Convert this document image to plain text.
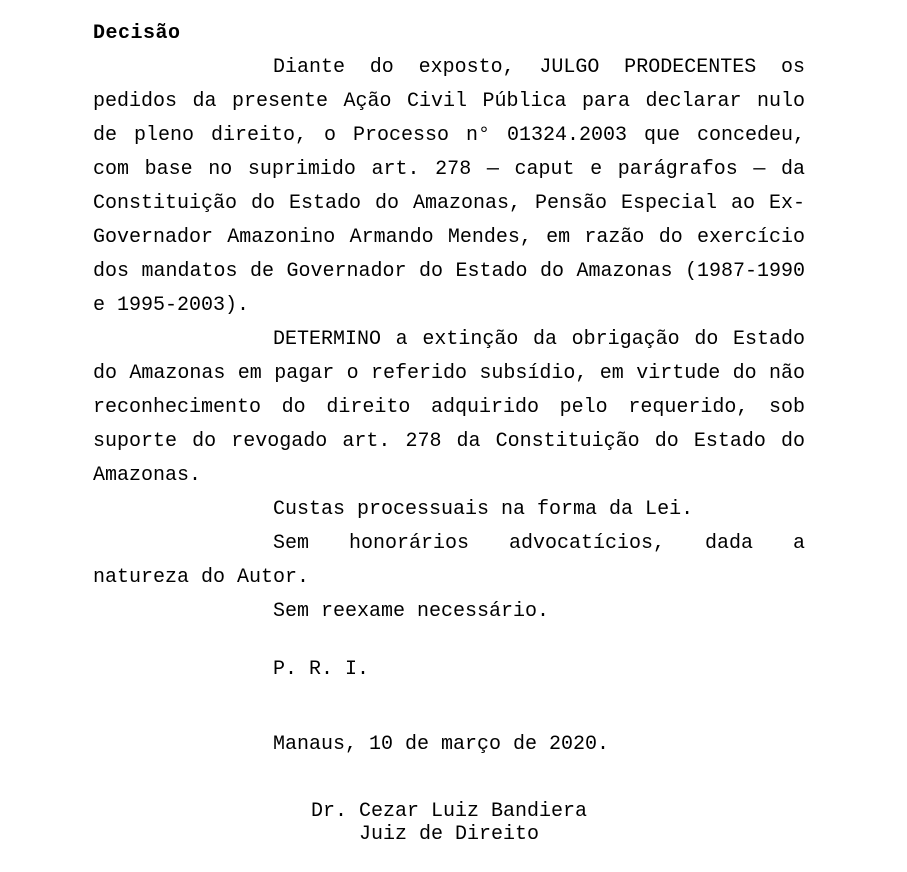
Decisão
Diante do exposto, JULGO PRODECENTES os
pedidos da presente Ação Civil Pública para declarar nulo
de pleno direito, o Processo n° 01324.2003 que concedeu,
com base no suprimido art. 278 — caput e parágrafos — da
Constituição do Estado do Amazonas, Pensão Especial ao Ex-
Governador Amazonino Armando Mendes, em razão do exercício
dos mandatos de Governador do Estado do Amazonas (1987-1990
e 1995-2003).
DETERMINO a extinção da obrigação do Estado
do Amazonas em pagar o referido subsídio, em virtude do não
reconhecimento do direito adquirido pelo requerido, sob
suporte do revogado art. 278 da Constituição do Estado do
Amazonas.
Custas processuais na forma da Lei.
Sem honorários advocatícios, dada a
natureza do Autor.
Sem reexame necessário.
P. R. I.
Manaus, 10 de março de 2020.
Dr. Cezar Luiz Bandiera
Juiz de Direito
